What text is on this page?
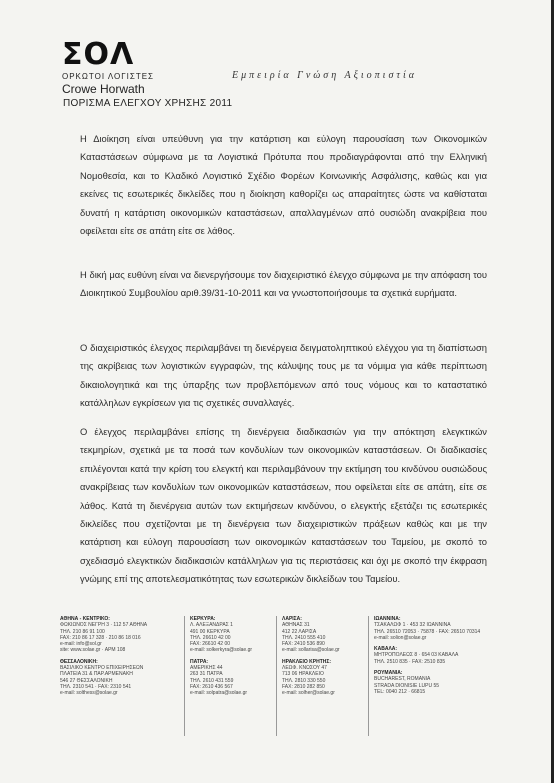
ΣΟΛ
ΟΡΚΩΤΟΙ ΛΟΓΙΣΤΕΣ
Crowe Horwath
Εμπειρία Γνώση Αξιοπιστία
ΠΟΡΙΣΜΑ ΕΛΕΓΧΟΥ ΧΡΗΣΗΣ 2011

Η Διοίκηση είναι υπεύθυνη για την κατάρτιση και εύλογη παρουσίαση των Οικονομικών Καταστάσεων σύμφωνα με τα Λογιστικά Πρότυπα που προδιαγράφονται από την Ελληνική Νομοθεσία, και το Κλαδικό Λογιστικό Σχέδιο Φορέων Κοινωνικής Ασφάλισης, καθώς και για εκείνες τις εσωτερικές δικλείδες που η διοίκηση καθορίζει ως απαραίτητες ώστε να καθίσταται δυνατή η κατάρτιση οικονομικών καταστάσεων, απαλλαγμένων από ουσιώδη ανακρίβεια που οφείλεται είτε σε απάτη είτε σε λάθος.

Η δική μας ευθύνη είναι να διενεργήσουμε τον διαχειριστικό έλεγχο σύμφωνα με την απόφαση του Διοικητικού Συμβουλίου αριθ.39/31-10-2011 και να γνωστοποιήσουμε τα σχετικά ευρήματα.

Ο διαχειριστικός έλεγχος περιλαμβάνει τη διενέργεια δειγματοληπτικού ελέγχου για τη διαπίστωση της ακρίβειας των λογιστικών εγγραφών, της κάλυψης τους με τα νόμιμα για κάθε περίπτωση δικαιολογητικά και της ύπαρξης των προβλεπόμενων από τους νόμους και το καταστατικό κατάλληλων εγκρίσεων για τις σχετικές συναλλαγές.

Ο έλεγχος περιλαμβάνει επίσης τη διενέργεια διαδικασιών για την απόκτηση ελεγκτικών τεκμηρίων, σχετικά με τα ποσά των κονδυλίων των οικονομικών καταστάσεων. Οι διαδικασίες επιλέγονται κατά την κρίση του ελεγκτή και περιλαμβάνουν την εκτίμηση του κινδύνου ουσιώδους ανακρίβειας των κονδυλίων των οικονομικών καταστάσεων, που οφείλεται είτε σε απάτη, είτε σε λάθος. Κατά τη διενέργεια αυτών των εκτιμήσεων κινδύνου, ο ελεγκτής εξετάζει τις εσωτερικές δικλείδες που σχετίζονται με τη διενέργεια των διαχειριστικών πράξεων καθώς και με την κατάρτιση και εύλογη παρουσίαση των οικονομικών καταστάσεων του Ταμείου, με σκοπό το σχεδιασμό ελεγκτικών διαδικασιών κατάλληλων για τις περιστάσεις και όχι με σκοπό την έκφραση γνώμης επί της αποτελεσματικότητας των εσωτερικών δικλείδων του Ταμείου.

ΑΘΗΝΑ - ΚΕΝΤΡΙΚΟ:
ΦΩΚΙΩΝΟΣ ΝΕΓΡΗ 3 · 112 57 ΑΘΗΝΑ
ΤΗΛ. 210 86 91 100
FAX: 210 86 17 328 · 210 86 18 016
e-mail: info@sol.gr
site: www.solae.gr · ΑΡΜ 108
ΘΕΣΣΑΛΟΝΙΚΗ:
ΒΑΣΙΛΙΚΟ ΚΕΝΤΡΟ ΕΠΙΧΕΙΡΗΣΕΩΝ
ΠΛΑΤΕΙΑ 31 & ΠΑΡ.ΑΡΜΕΝΑΚΗ
546 27 ΘΕΣΣΑΛΟΝΙΚΗ
ΤΗΛ. 2310 541 · FAX: 2310 541
e-mail: solthess@solae.gr
ΚΕΡΚΥΡΑ:
Λ. ΑΛΕΞΑΝΔΡΑΣ 1
491 00 ΚΕΡΚΥΡΑ
ΤΗΛ. 26610 42 00
FAX: 26610 42 00
e-mail: solkerkyra@solae.gr
ΠΑΤΡΑ:
ΑΜΕΡΙΚΗΣ 44
263 31 ΠΑΤΡΑ
ΤΗΛ. 2610 431 559
FAX: 2610 436 567
e-mail: solpatra@solae.gr
ΛΑΡΙΣΑ:
ΑΘΗΝΑΣ 31
412 22 ΛΑΡΙΣΑ
ΤΗΛ. 2410 555 410
FAX: 2410 536 890
e-mail: sollarisa@solae.gr
ΗΡΑΚΛΕΙΟ ΚΡΗΤΗΣ:
ΛΕΩΦ. ΚΝΩΣΟΥ 47
713 06 ΗΡΑΚΛΕΙΟ
ΤΗΛ. 2810 330 550
FAX: 2810 282 850
e-mail: solher@solae.gr
ΙΩΑΝΝΙΝΑ:
ΤΣΑΚΑΛΩΦ 1 · 453 32 ΙΩΑΝΝΙΝΑ
ΤΗΛ. 26510 72053 · 75878 · FAX: 26510 70314
e-mail: solion@solae.gr
ΚΑΒΑΛΑ:
ΜΗΤΡΟΠΟΛΕΩΣ 8 · 654 03 ΚΑΒΑΛΑ
ΤΗΛ. 2510 835 · FAX: 2510 835
ΡΟΥΜΑΝΙΑ:
BUCHAREST, ROMANIA
STRADA DIONISIE LUPU 55
TEL: 0040 212 · 66815
